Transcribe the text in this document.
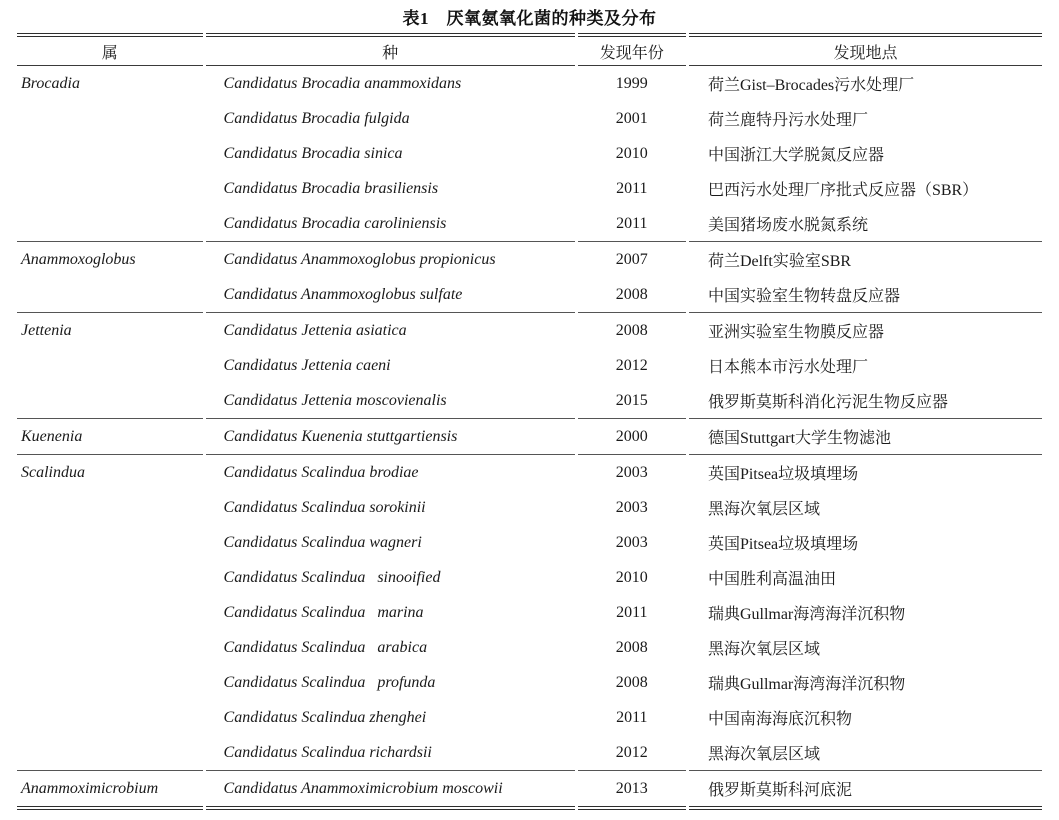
表1　厌氧氨氧化菌的种类及分布
属	种	发现年份	发现地点
Brocadia	Candidatus Brocadia anammoxidans	1999	荷兰Gist–Brocades污水处理厂
	Candidatus Brocadia fulgida	2001	荷兰鹿特丹污水处理厂
	Candidatus Brocadia sinica	2010	中国浙江大学脱氮反应器
	Candidatus Brocadia brasiliensis	2011	巴西污水处理厂序批式反应器（SBR）
	Candidatus Brocadia caroliniensis	2011	美国猪场废水脱氮系统
Anammoxoglobus	Candidatus Anammoxoglobus propionicus	2007	荷兰Delft实验室SBR
	Candidatus Anammoxoglobus sulfate	2008	中国实验室生物转盘反应器
Jettenia	Candidatus Jettenia asiatica	2008	亚洲实验室生物膜反应器
	Candidatus Jettenia caeni	2012	日本熊本市污水处理厂
	Candidatus Jettenia moscovienalis	2015	俄罗斯莫斯科消化污泥生物反应器
Kuenenia	Candidatus Kuenenia stuttgartiensis	2000	德国Stuttgart大学生物滤池
Scalindua	Candidatus Scalindua brodiae	2003	英国Pitsea垃圾填埋场
	Candidatus Scalindua sorokinii	2003	黑海次氧层区域
	Candidatus Scalindua wagneri	2003	英国Pitsea垃圾填埋场
	Candidatus Scalindua   sinooified	2010	中国胜利高温油田
	Candidatus Scalindua   marina	2011	瑞典Gullmar海湾海洋沉积物
	Candidatus Scalindua   arabica	2008	黑海次氧层区域
	Candidatus Scalindua   profunda	2008	瑞典Gullmar海湾海洋沉积物
	Candidatus Scalindua zhenghei	2011	中国南海海底沉积物
	Candidatus Scalindua richardsii	2012	黑海次氧层区域
Anammoximicrobium	Candidatus Anammoximicrobium moscowii	2013	俄罗斯莫斯科河底泥
